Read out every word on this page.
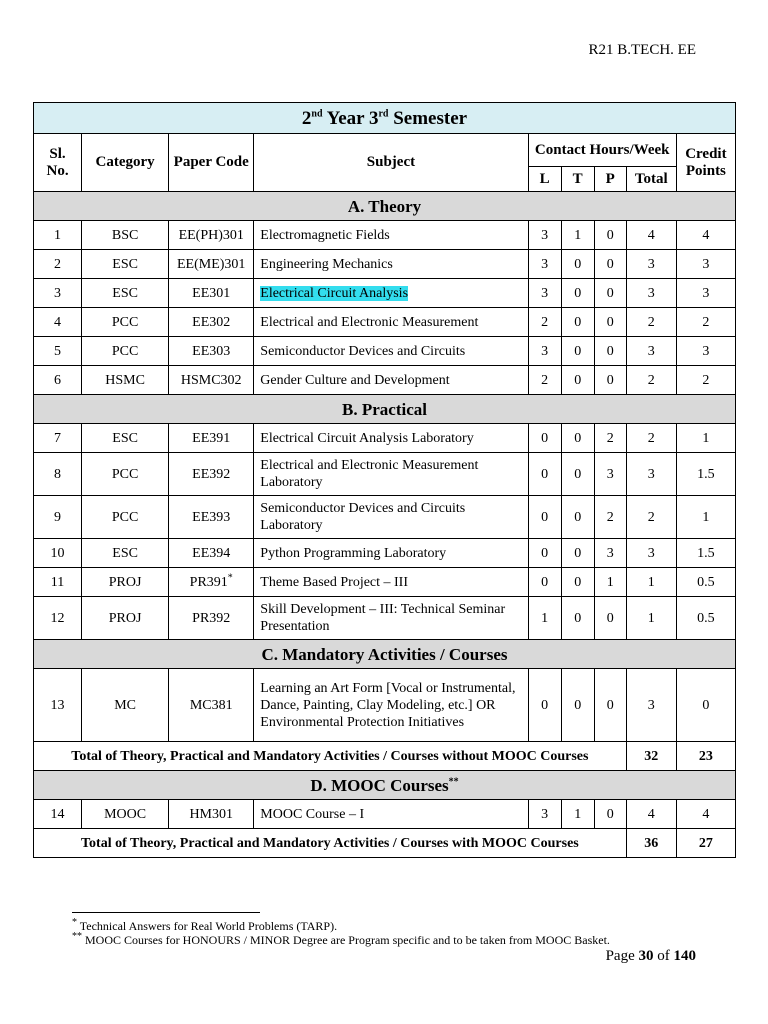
R21 B.TECH. EE
2nd Year 3rd Semester								
Sl. No.	Category	Paper Code	Subject	Contact Hours/Week				Credit Points
				L	T	P	Total	
A. Theory								
1	BSC	EE(PH)301	Electromagnetic Fields	3	1	0	4	4
2	ESC	EE(ME)301	Engineering Mechanics	3	0	0	3	3
3	ESC	EE301	Electrical Circuit Analysis	3	0	0	3	3
4	PCC	EE302	Electrical and Electronic Measurement	2	0	0	2	2
5	PCC	EE303	Semiconductor Devices and Circuits	3	0	0	3	3
6	HSMC	HSMC302	Gender Culture and Development	2	0	0	2	2
B. Practical								
7	ESC	EE391	Electrical Circuit Analysis Laboratory	0	0	2	2	1
8	PCC	EE392	Electrical and Electronic Measurement Laboratory	0	0	3	3	1.5
9	PCC	EE393	Semiconductor Devices and Circuits Laboratory	0	0	2	2	1
10	ESC	EE394	Python Programming Laboratory	0	0	3	3	1.5
11	PROJ	PR391*	Theme Based Project – III	0	0	1	1	0.5
12	PROJ	PR392	Skill Development – III: Technical Seminar Presentation	1	0	0	1	0.5
C. Mandatory Activities / Courses								
13	MC	MC381	Learning an Art Form [Vocal or Instrumental, Dance, Painting, Clay Modeling, etc.] OR Environmental Protection Initiatives	0	0	0	3	0
Total of Theory, Practical and Mandatory Activities / Courses without MOOC Courses							32	23
D. MOOC Courses**
14	MOOC	HM301	MOOC Course – I	3	1	0	4	4
Total of Theory, Practical and Mandatory Activities / Courses with MOOC Courses							36	27
* Technical Answers for Real World Problems (TARP).
** MOOC Courses for HONOURS / MINOR Degree are Program specific and to be taken from MOOC Basket.
Page 30 of 140
